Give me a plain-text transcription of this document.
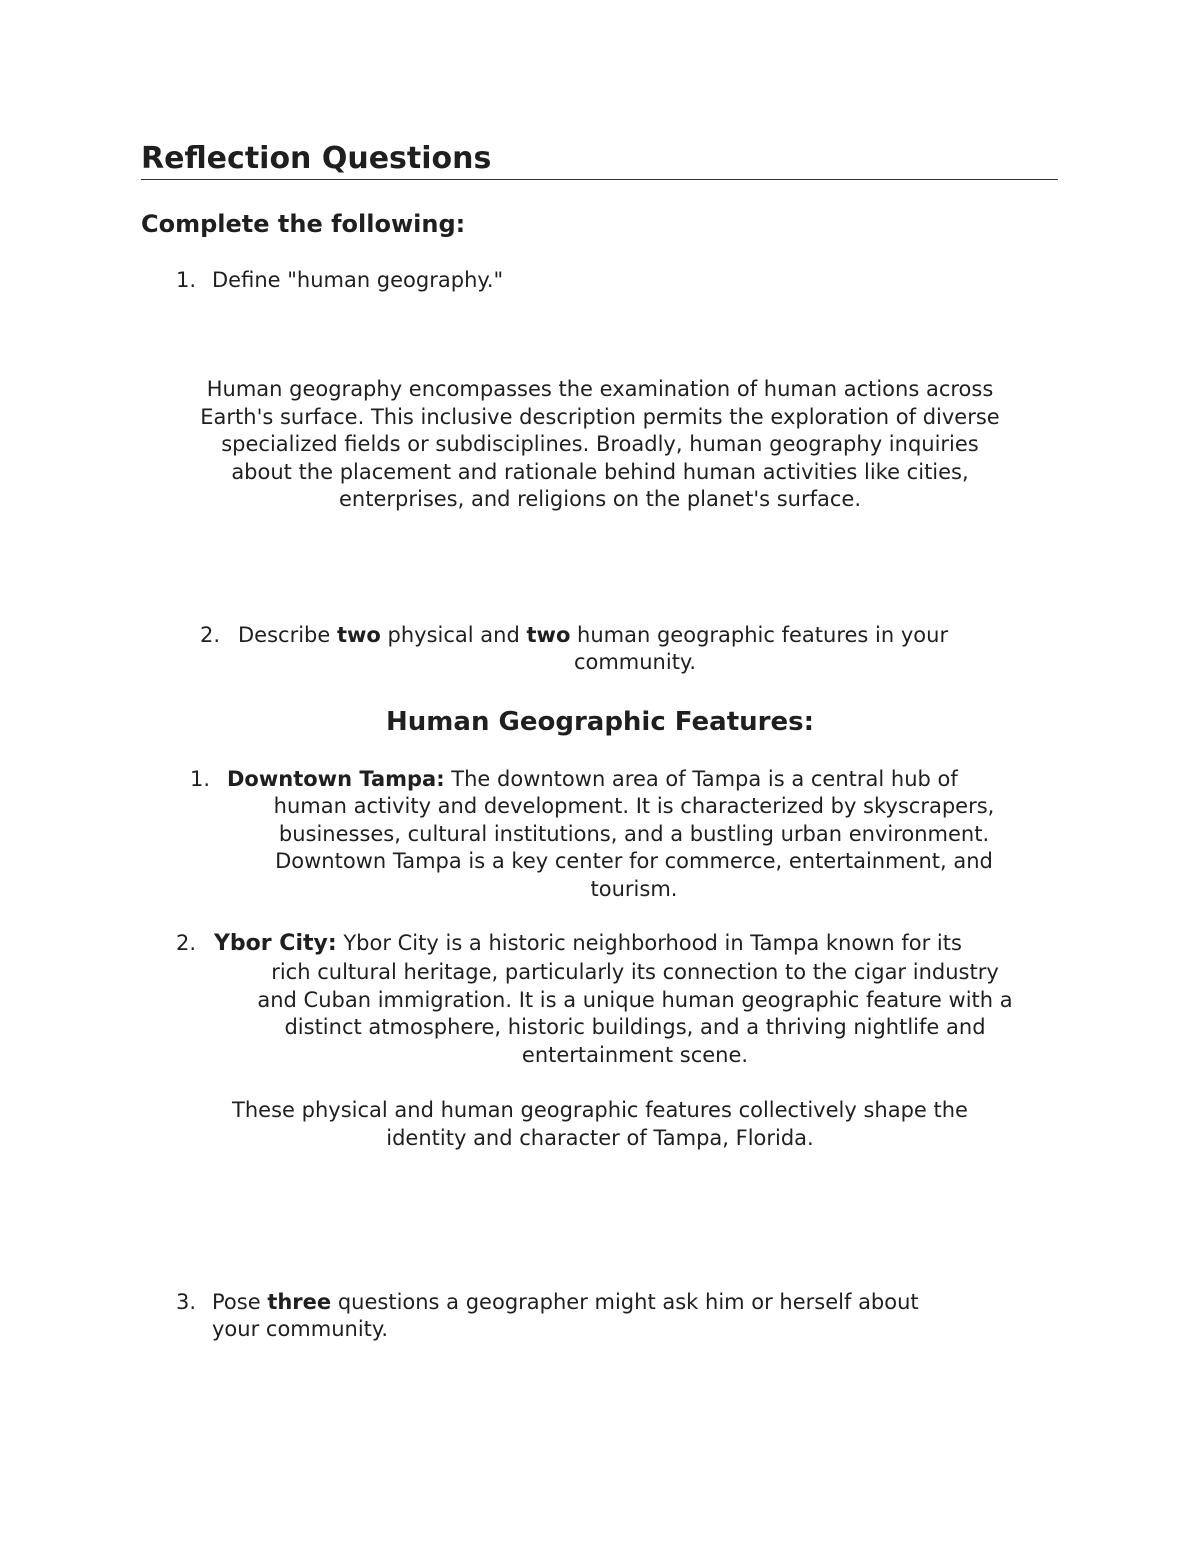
Reflection Questions
Complete the following:
1. Define "human geography."
Human geography encompasses the examination of human actions across
Earth's surface. This inclusive description permits the exploration of diverse
specialized fields or subdisciplines. Broadly, human geography inquiries
about the placement and rationale behind human activities like cities,
enterprises, and religions on the planet's surface.
2. Describe two physical and two human geographic features in your
community.
Human Geographic Features:
1. Downtown Tampa: The downtown area of Tampa is a central hub of
human activity and development. It is characterized by skyscrapers,
businesses, cultural institutions, and a bustling urban environment.
Downtown Tampa is a key center for commerce, entertainment, and
tourism.
2. Ybor City: Ybor City is a historic neighborhood in Tampa known for its
rich cultural heritage, particularly its connection to the cigar industry
and Cuban immigration. It is a unique human geographic feature with a
distinct atmosphere, historic buildings, and a thriving nightlife and
entertainment scene.
These physical and human geographic features collectively shape the
identity and character of Tampa, Florida.
3. Pose three questions a geographer might ask him or herself about
your community.
